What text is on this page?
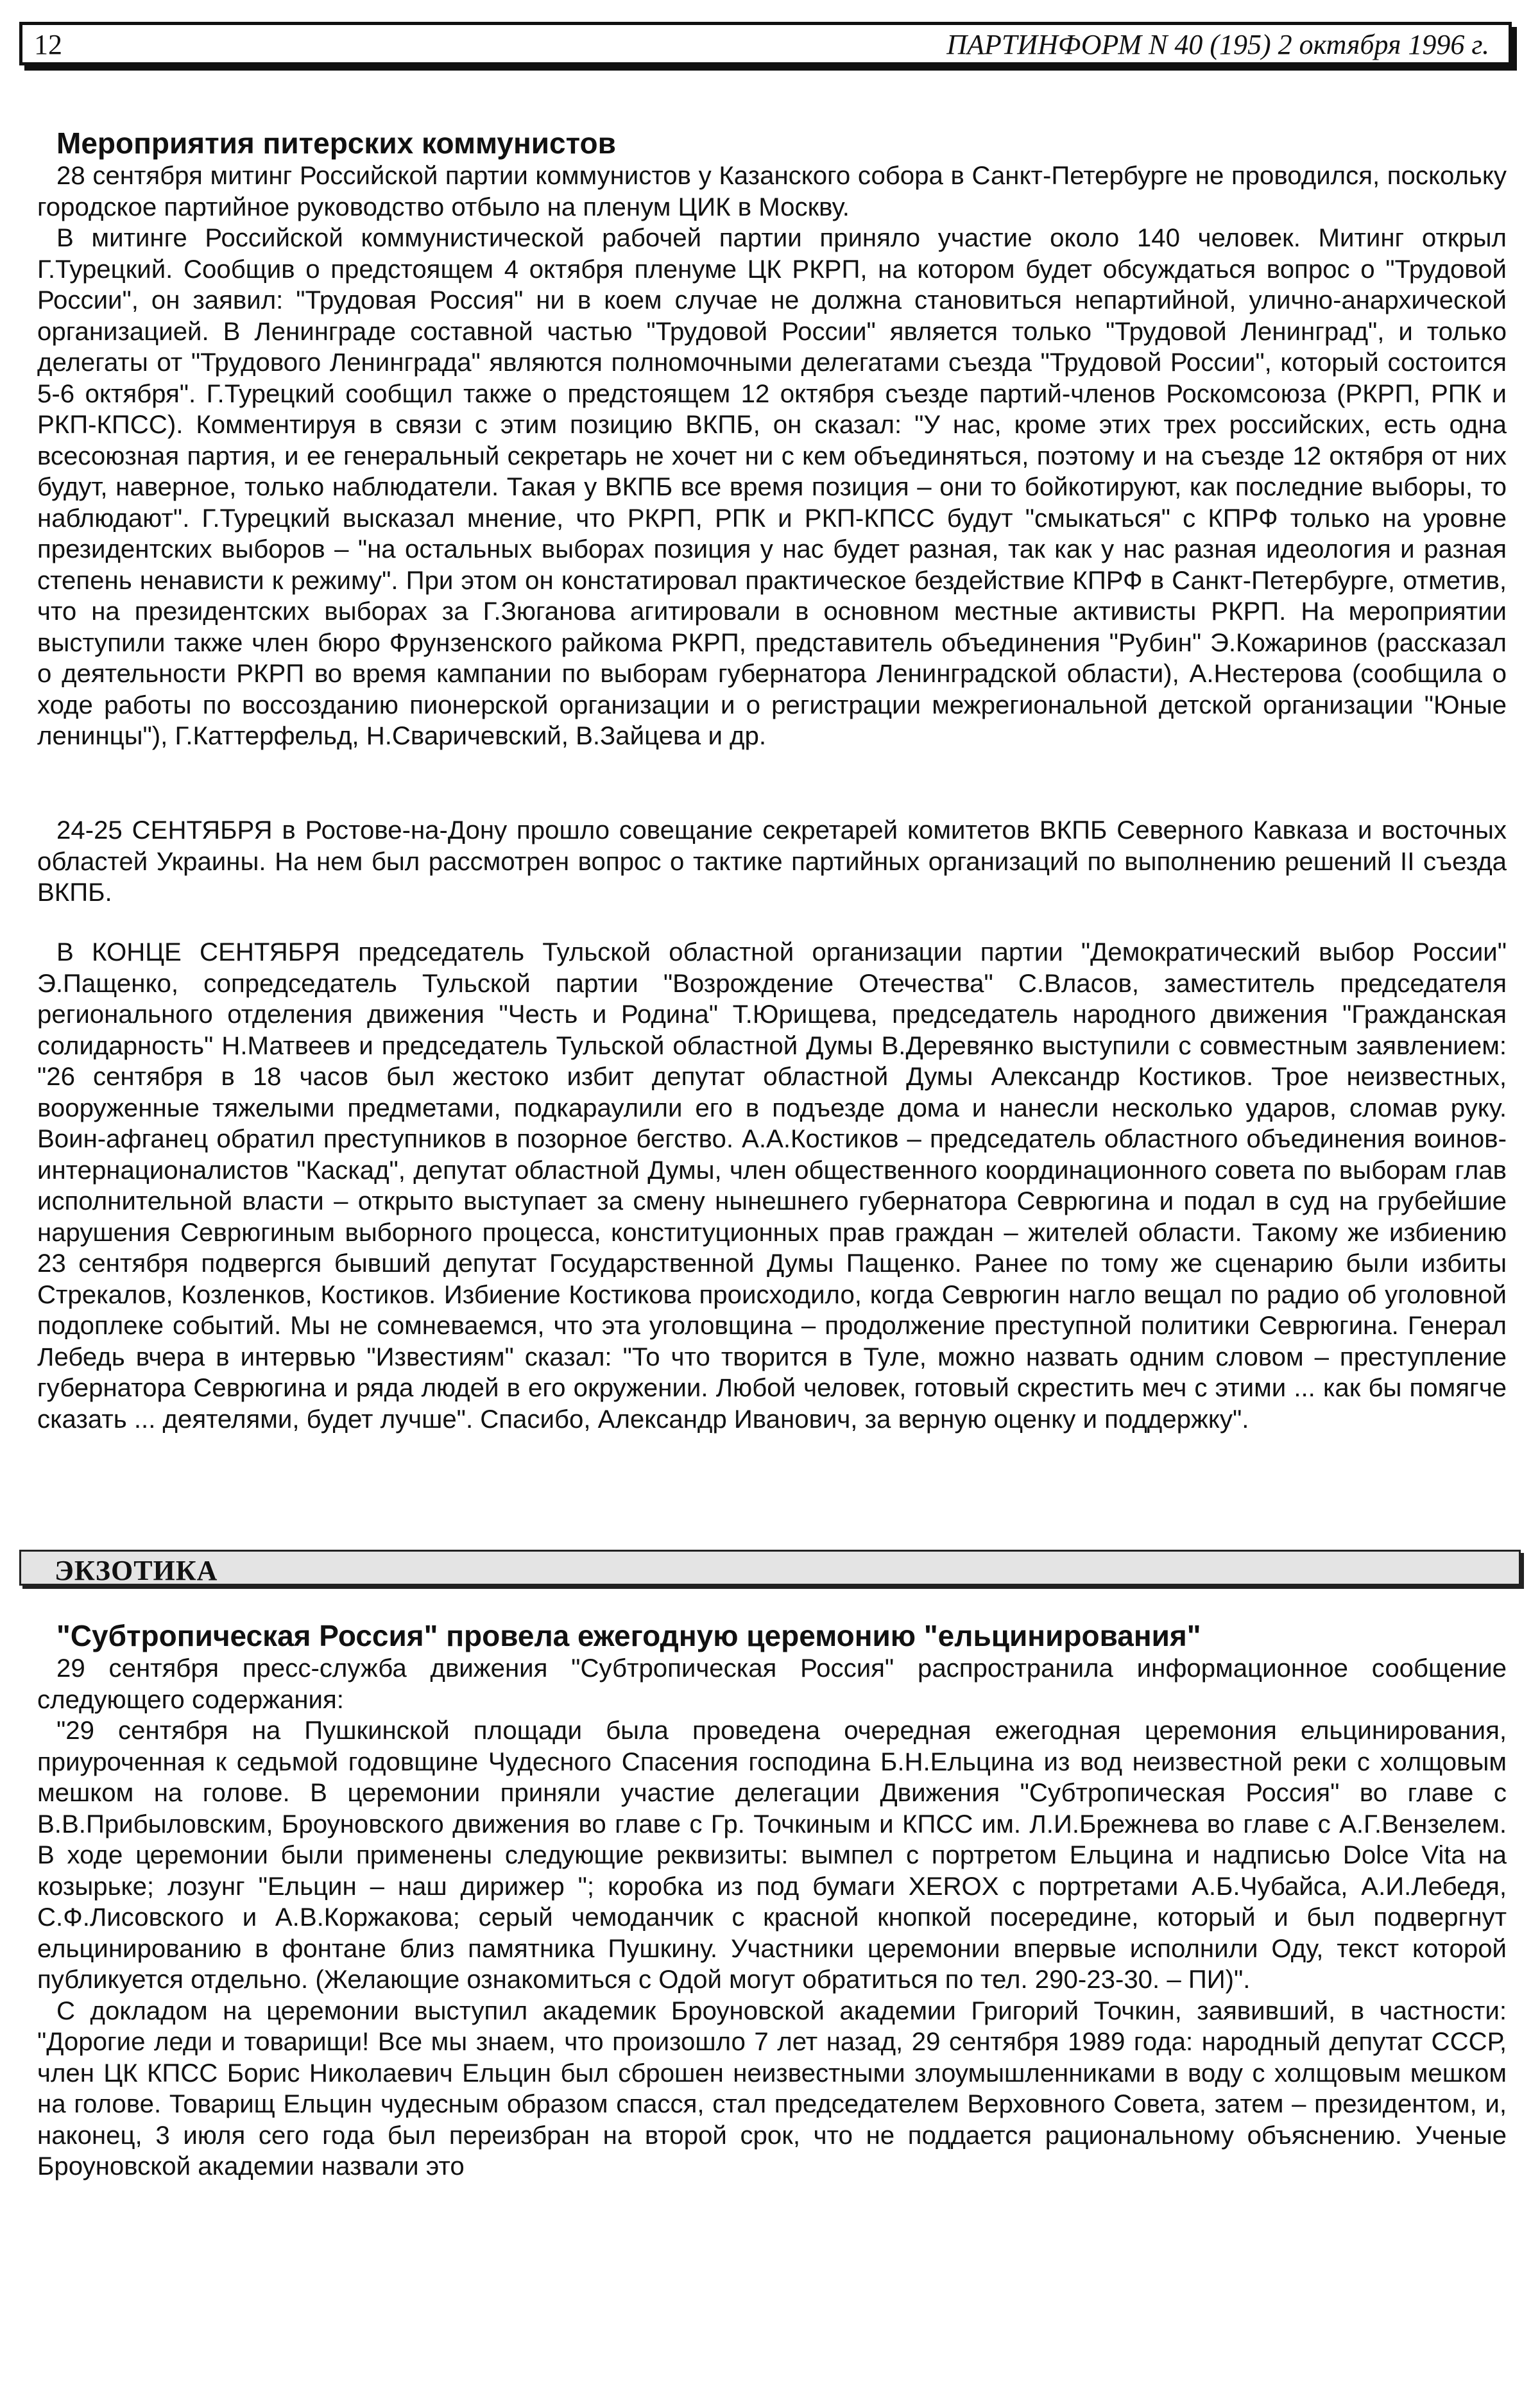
12	ПАРТИНФОРМ N 40 (195) 2 октября 1996 г.
Мероприятия питерских коммунистов

28 сентября митинг Российской партии коммунистов у Казанского собора в Санкт-Петербурге не проводился, поскольку городское партийное руководство отбыло на пленум ЦИК в Москву.

В митинге Российской коммунистической рабочей партии приняло участие около 140 человек. Митинг открыл Г.Турецкий. Сообщив о предстоящем 4 октября пленуме ЦК РКРП, на котором будет обсуждаться вопрос о "Трудовой России", он заявил: "Трудовая Россия" ни в коем случае не должна становиться непартийной, улично-анархической организацией. В Ленинграде составной частью "Трудовой России" является только "Трудовой Ленинград", и только делегаты от "Трудового Ленинграда" являются полномочными делегатами съезда "Трудовой России", который состоится 5-6 октября". Г.Турецкий сообщил также о предстоящем 12 октября съезде партий-членов Роскомсоюза (РКРП, РПК и РКП-КПСС). Комментируя в связи с этим позицию ВКПБ, он сказал: "У нас, кроме этих трех российских, есть одна всесоюзная партия, и ее генеральный секретарь не хочет ни с кем объединяться, поэтому и на съезде 12 октября от них будут, наверное, только наблюдатели. Такая у ВКПБ все время позиция – они то бойкотируют, как последние выборы, то наблюдают". Г.Турецкий высказал мнение, что РКРП, РПК и РКП-КПСС будут "смыкаться" с КПРФ только на уровне президентских выборов – "на остальных выборах позиция у нас будет разная, так как у нас разная идеология и разная степень ненависти к режиму". При этом он констатировал практическое бездействие КПРФ в Санкт-Петербурге, отметив, что на президентских выборах за Г.Зюганова агитировали в основном местные активисты РКРП. На мероприятии выступили также член бюро Фрунзенского райкома РКРП, представитель объединения "Рубин" Э.Кожаринов (рассказал о деятельности РКРП во время кампании по выборам губернатора Ленинградской области), А.Нестерова (сообщила о ходе работы по воссозданию пионерской организации и о регистрации межрегиональной детской организации "Юные ленинцы"), Г.Каттерфельд, Н.Сваричевский, В.Зайцева и др.

24-25 СЕНТЯБРЯ в Ростове-на-Дону прошло совещание секретарей комитетов ВКПБ Северного Кавказа и восточных областей Украины. На нем был рассмотрен вопрос о тактике партийных организаций по выполнению решений II съезда ВКПБ.

В КОНЦЕ СЕНТЯБРЯ председатель Тульской областной организации партии "Демократический выбор России" Э.Пащенко, сопредседатель Тульской партии "Возрождение Отечества" С.Власов, заместитель председателя регионального отделения движения "Честь и Родина" Т.Юрищева, председатель народного движения "Гражданская солидарность" Н.Матвеев и председатель Тульской областной Думы В.Деревянко выступили с совместным заявлением: "26 сентября в 18 часов был жестоко избит депутат областной Думы Александр Костиков. Трое неизвестных, вооруженные тяжелыми предметами, подкараулили его в подъезде дома и нанесли несколько ударов, сломав руку. Воин-афганец обратил преступников в позорное бегство. А.А.Костиков – председатель областного объединения воинов-интернационалистов "Каскад", депутат областной Думы, член общественного координационного совета по выборам глав исполнительной власти – открыто выступает за смену нынешнего губернатора Севрюгина и подал в суд на грубейшие нарушения Севрюгиным выборного процесса, конституционных прав граждан – жителей области. Такому же избиению 23 сентября подвергся бывший депутат Государственной Думы Пащенко. Ранее по тому же сценарию были избиты Стрекалов, Козленков, Костиков. Избиение Костикова происходило, когда Севрюгин нагло вещал по радио об уголовной подоплеке событий. Мы не сомневаемся, что эта уголовщина – продолжение преступной политики Севрюгина. Генерал Лебедь вчера в интервью "Известиям" сказал: "То что творится в Туле, можно назвать одним словом – преступление губернатора Севрюгина и ряда людей в его окружении. Любой человек, готовый скрестить меч с этими ... как бы помягче сказать ... деятелями, будет лучше". Спасибо, Александр Иванович, за верную оценку и поддержку".

ЭКЗОТИКА
"Субтропическая Россия" провела ежегодную церемонию "ельцинирования"

29 сентября пресс-служба движения "Субтропическая Россия" распространила информационное сообщение следующего содержания:

"29 сентября на Пушкинской площади была проведена очередная ежегодная церемония ельцинирования, приуроченная к седьмой годовщине Чудесного Спасения господина Б.Н.Ельцина из вод неизвестной реки с холщовым мешком на голове. В церемонии приняли участие делегации Движения "Субтропическая Россия" во главе с В.В.Прибыловским, Броуновского движения во главе с Гр. Точкиным и КПСС им. Л.И.Брежнева во главе с А.Г.Вензелем. В ходе церемонии были применены следующие реквизиты: вымпел с портретом Ельцина и надписью Dolce Vita на козырьке; лозунг "Ельцин – наш дирижер "; коробка из под бумаги XEROX с портретами А.Б.Чубайса, А.И.Лебедя, С.Ф.Лисовского и А.В.Коржакова; серый чемоданчик с красной кнопкой посередине, который и был подвергнут ельцинированию в фонтане близ памятника Пушкину. Участники церемонии впервые исполнили Оду, текст которой публикуется отдельно. (Желающие ознакомиться с Одой могут обратиться по тел. 290-23-30. – ПИ)".

С докладом на церемонии выступил академик Броуновской академии Григорий Точкин, заявивший, в частности: "Дорогие леди и товарищи! Все мы знаем, что произошло 7 лет назад, 29 сентября 1989 года: народный депутат СССР, член ЦК КПСС Борис Николаевич Ельцин был сброшен неизвестными злоумышленниками в воду с холщовым мешком на голове. Товарищ Ельцин чудесным образом спасся, стал председателем Верховного Совета, затем – президентом, и, наконец, 3 июля сего года был переизбран на второй срок, что не поддается рациональному объяснению. Ученые Броуновской академии назвали это
